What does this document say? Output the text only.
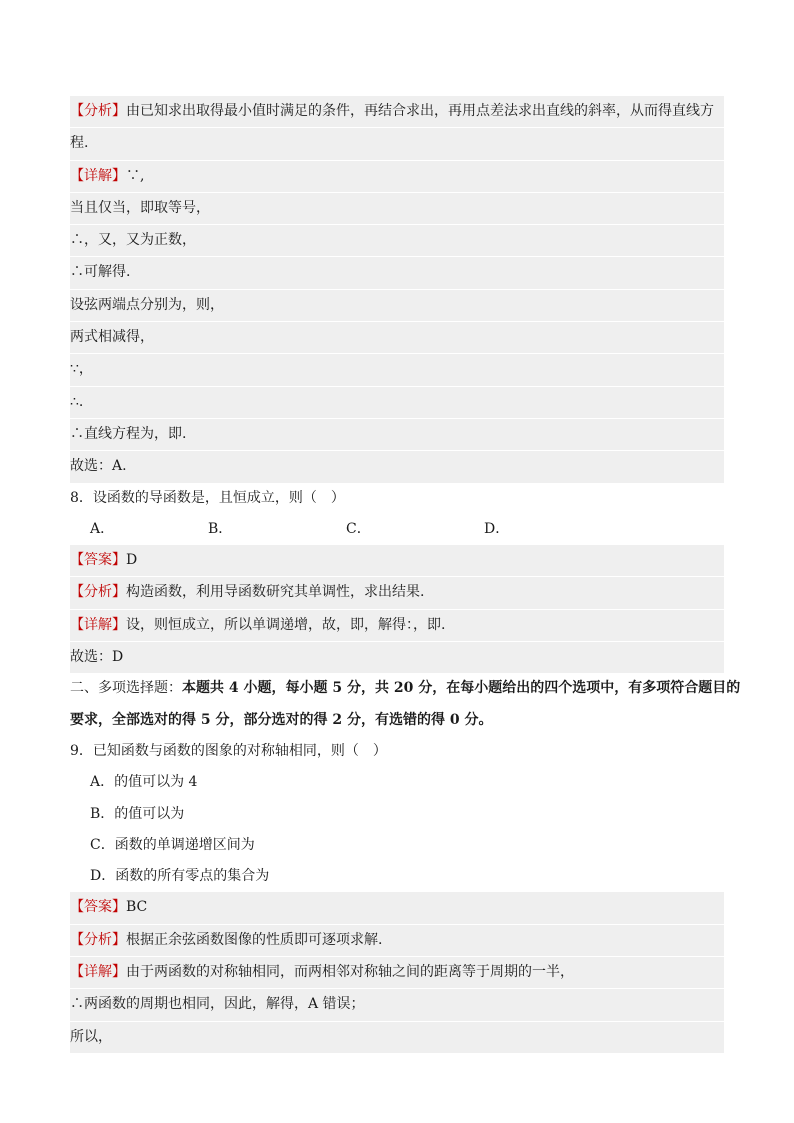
【分析】由已知求出取得最小值时满足的条件，再结合求出，再用点差法求出直线的斜率，从而得直线方
程.
【详解】∵,
当且仅当，即取等号，
∴，又，又为正数，
∴可解得.
设弦两端点分别为，则，
两式相减得，
∵，
∴.
∴直线方程为，即.
故选：A.
8．设函数的导函数是，且恒成立，则（　）
A．	B．	C．	D．
【答案】D
【分析】构造函数，利用导函数研究其单调性，求出结果.
【详解】设，则恒成立，所以单调递增，故，即，解得：，即.
故选：D
二、多项选择题：本题共 4 小题，每小题 5 分，共 20 分，在每小题给出的四个选项中，有多项符合题目的
要求，全部选对的得 5 分，部分选对的得 2 分，有选错的得 0 分。
9．已知函数与函数的图象的对称轴相同，则（　）
A．的值可以为 4
B．的值可以为
C．函数的单调递增区间为
D．函数的所有零点的集合为
【答案】BC
【分析】根据正余弦函数图像的性质即可逐项求解.
【详解】由于两函数的对称轴相同，而两相邻对称轴之间的距离等于周期的一半，
∴两函数的周期也相同，因此，解得，A 错误；
所以，
